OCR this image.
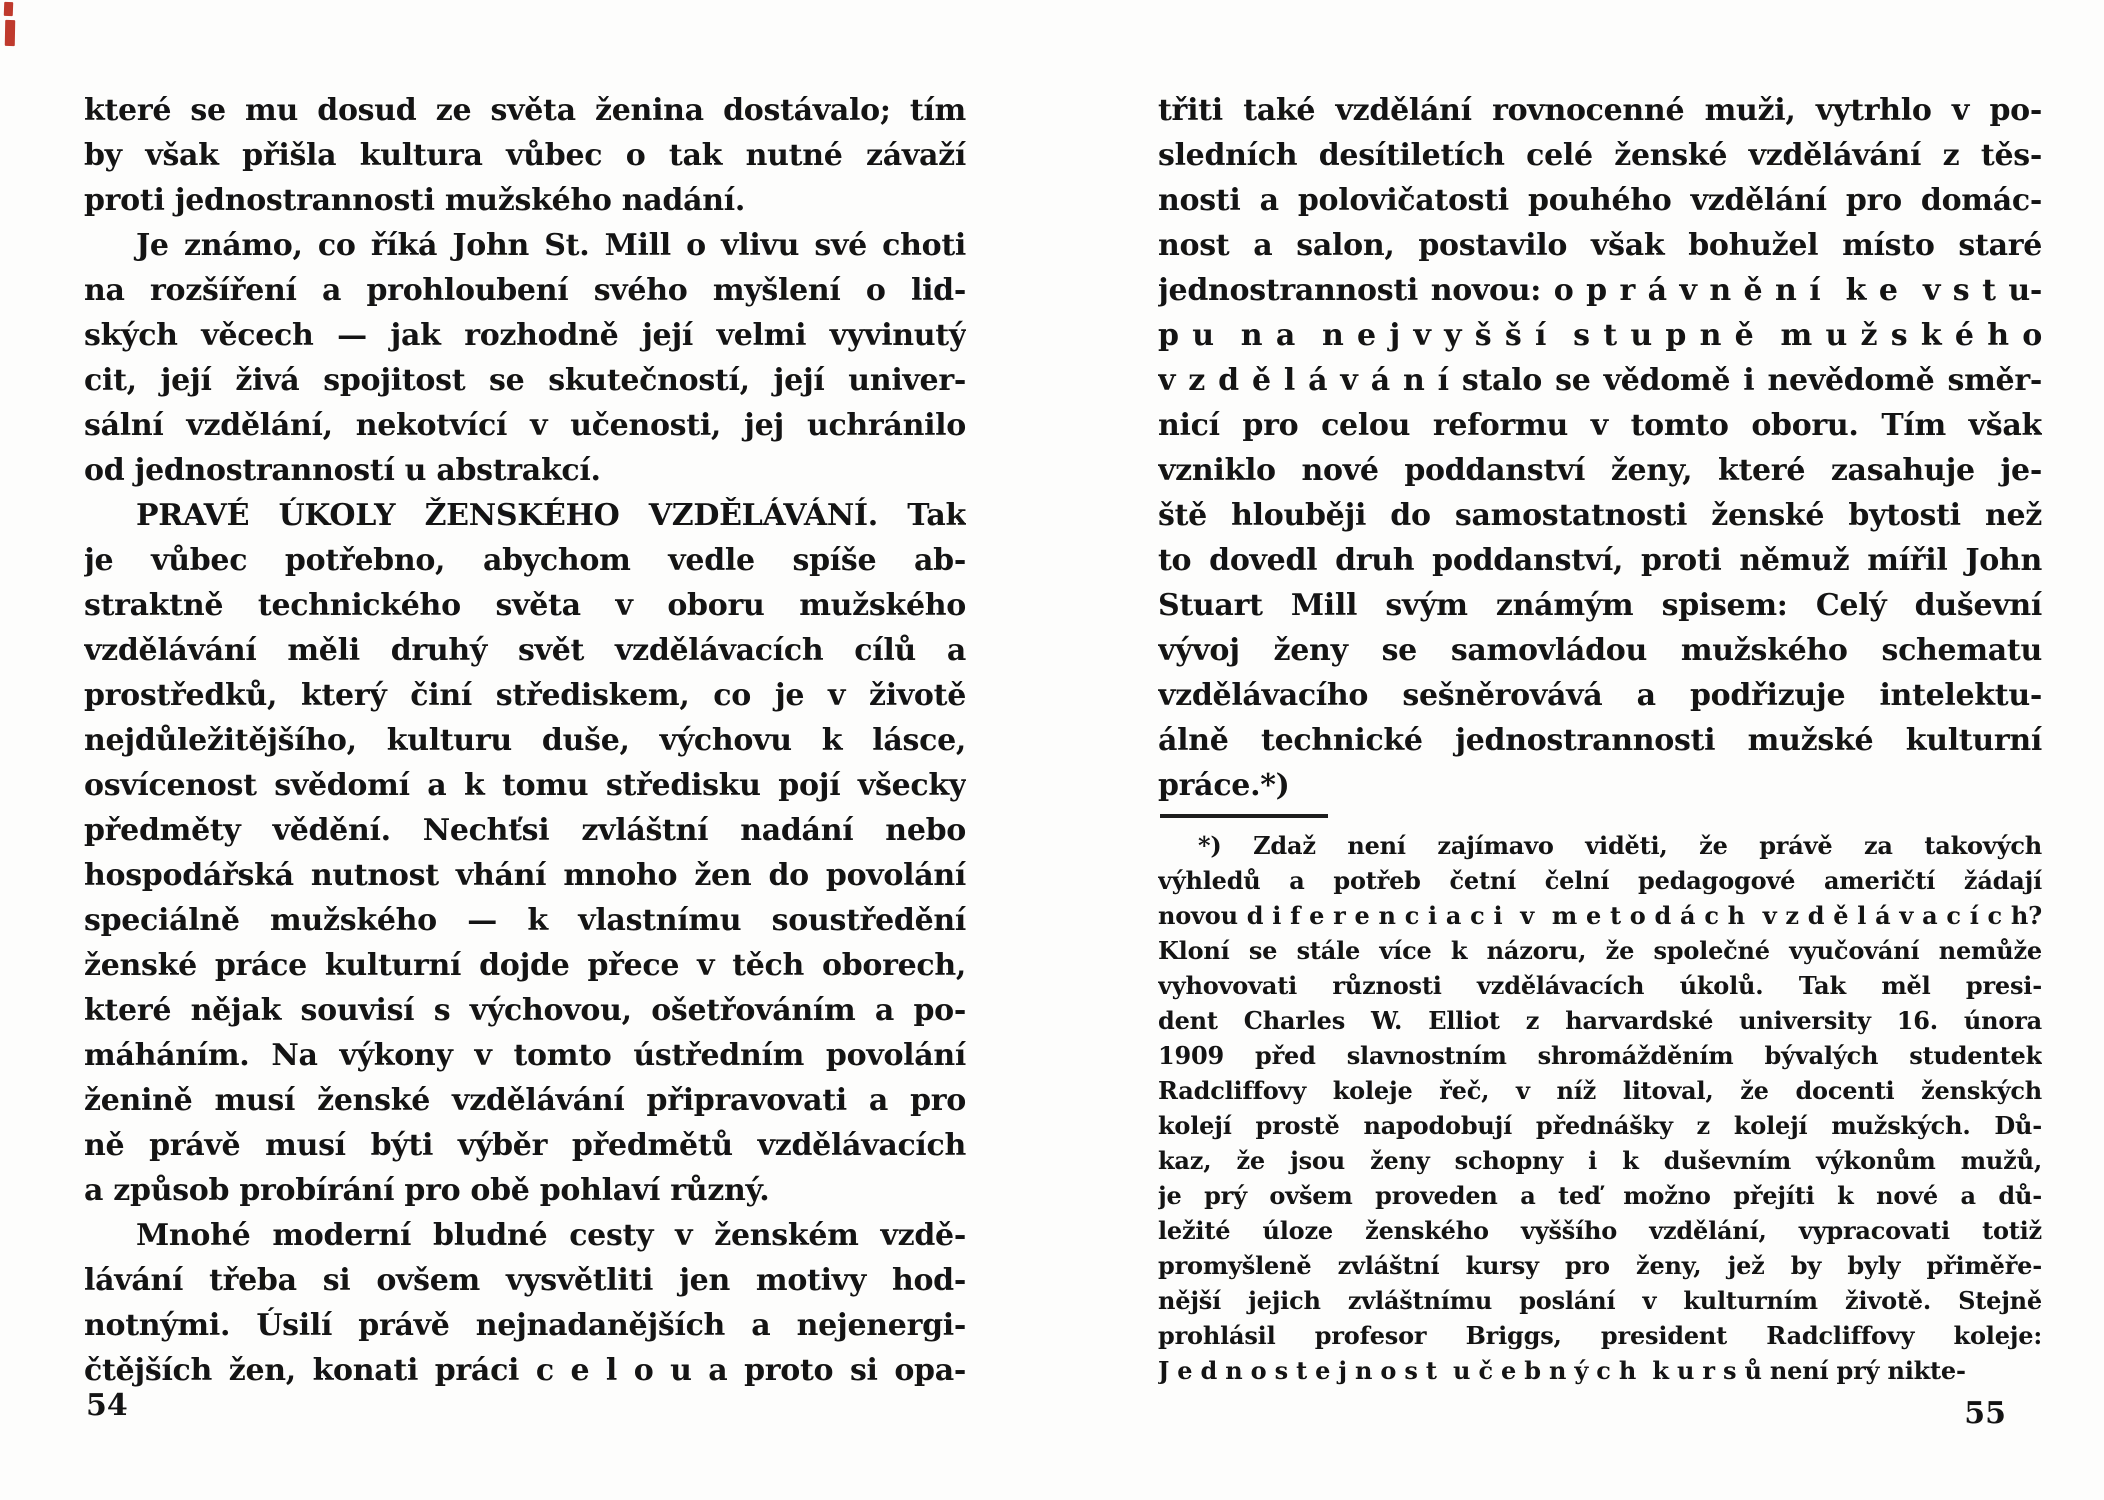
které se mu dosud ze světa ženina dostávalo; tím
by však přišla kultura vůbec o tak nutné závaží
proti jednostrannosti mužského nadání.
Je známo, co říká John St. Mill o vlivu své choti
na rozšíření a prohloubení svého myšlení o lid-
ských věcech — jak rozhodně její velmi vyvinutý
cit, její živá spojitost se skutečností, její univer-
sální vzdělání, nekotvící v učenosti, jej uchránilo
od jednostranností u abstrakcí.
PRAVÉ ÚKOLY ŽENSKÉHO VZDĚLÁVÁNÍ. Tak
je vůbec potřebno, abychom vedle spíše ab-
straktně technického světa v oboru mužského
vzdělávání měli druhý svět vzdělávacích cílů a
prostředků, který činí střediskem, co je v životě
nejdůležitějšího, kulturu duše, výchovu k lásce,
osvícenost svědomí a k tomu středisku pojí všecky
předměty vědění. Nechťsi zvláštní nadání nebo
hospodářská nutnost vhání mnoho žen do povolání
speciálně mužského — k vlastnímu soustředění
ženské práce kulturní dojde přece v těch oborech,
které nějak souvisí s výchovou, ošetřováním a po-
máháním. Na výkony v tomto ústředním povolání
ženině musí ženské vzdělávání připravovati a pro
ně právě musí býti výběr předmětů vzdělávacích
a způsob probírání pro obě pohlaví různý.
Mnohé moderní bludné cesty v ženském vzdě-
lávání třeba si ovšem vysvětliti jen motivy hod-
notnými. Úsilí právě nejnadanějších a nejenergi-
čtějších žen, konati práci c e l o u a proto si opa-
54
třiti také vzdělání rovnocenné muži, vytrhlo v po-
sledních desítiletích celé ženské vzdělávání z těs-
nosti a polovičatosti pouhého vzdělání pro domác-
nost a salon, postavilo však bohužel místo staré
jednostrannosti novou: o p r á v n ě n í  k e  v s t u-
p u  n a  n e j v y š š í  s t u p n ě  m u ž s k é h o
v z d ě l á v á n í stalo se vědomě i nevědomě směr-
nicí pro celou reformu v tomto oboru. Tím však
vzniklo nové poddanství ženy, které zasahuje je-
ště hlouběji do samostatnosti ženské bytosti než
to dovedl druh poddanství, proti němuž mířil John
Stuart Mill svým známým spisem: Celý duševní
vývoj ženy se samovládou mužského schematu
vzdělávacího sešněrovává a podřizuje intelektu-
álně technické jednostrannosti mužské kulturní
práce.*)
*) Zdaž není zajímavo viděti, že právě za takových
výhledů a potřeb četní čelní pedagogové američtí žádají
novou d i f e r e n c i a c i  v  m e t o d á c h  v z d ě l á v a c í c h?
Kloní se stále více k názoru, že společné vyučování nemůže
vyhovovati různosti vzdělávacích úkolů. Tak měl presi-
dent Charles W. Elliot z harvardské university 16. února
1909 před slavnostním shromážděním bývalých studentek
Radcliffovy koleje řeč, v níž litoval, že docenti ženských
kolejí prostě napodobují přednášky z kolejí mužských. Dů-
kaz, že jsou ženy schopny i k duševním výkonům mužů,
je prý ovšem proveden a teď možno přejíti k nové a dů-
ležité úloze ženského vyššího vzdělání, vypracovati totiž
promyšleně zvláštní kursy pro ženy, jež by byly přiměře-
nější jejich zvláštnímu poslání v kulturním životě. Stejně
prohlásil profesor Briggs, president Radcliffovy koleje:
J e d n o s t e j n o s t  u č e b n ý c h  k u r s ů není prý nikte-
55
